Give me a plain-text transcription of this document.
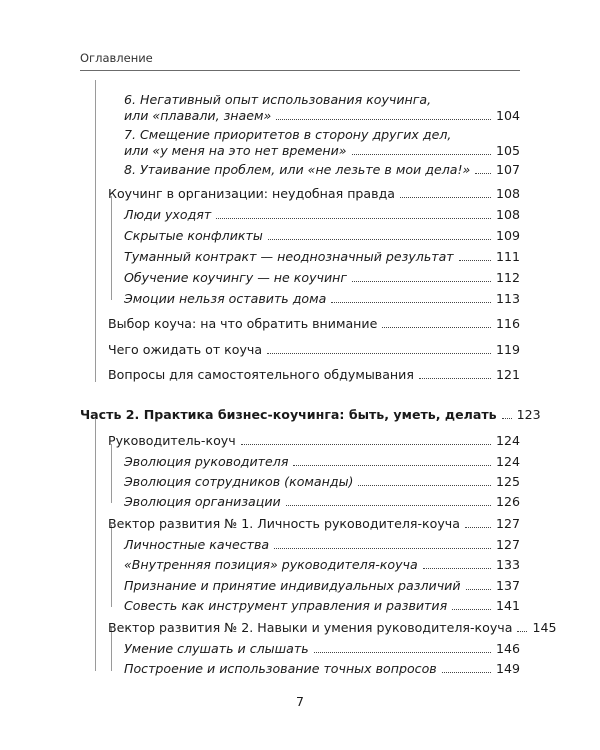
Оглавление
6. Негативный опыт использования коучинга,
или «плавали, знаем»	104
7. Смещение приоритетов в сторону других дел,
или «у меня на это нет времени»	105
8. Утаивание проблем, или «не лезьте в мои дела!» 107
Коучинг в организации: неудобная правда	108
Люди уходят	108
Скрытые конфликты	109
Туманный контракт — неоднозначный результат	111
Обучение коучингу — не коучинг	112
Эмоции нельзя оставить дома	113
Выбор коуча: на что обратить внимание	116
Чего ожидать от коуча	119
Вопросы для самостоятельного обдумывания	121
Часть 2. Практика бизнес-коучинга: быть, уметь, делать 123
Руководитель-коуч	124
Эволюция руководителя	124
Эволюция сотрудников (команды)	125
Эволюция организации	126
Вектор развития № 1. Личность руководителя-коуча	127
Личностные качества	127
«Внутренняя позиция» руководителя-коуча	133
Признание и принятие индивидуальных различий	137
Совесть как инструмент управления и развития	141
Вектор развития № 2. Навыки и умения руководителя-коуча 145
Умение слушать и слышать	146
Построение и использование точных вопросов	149
7
